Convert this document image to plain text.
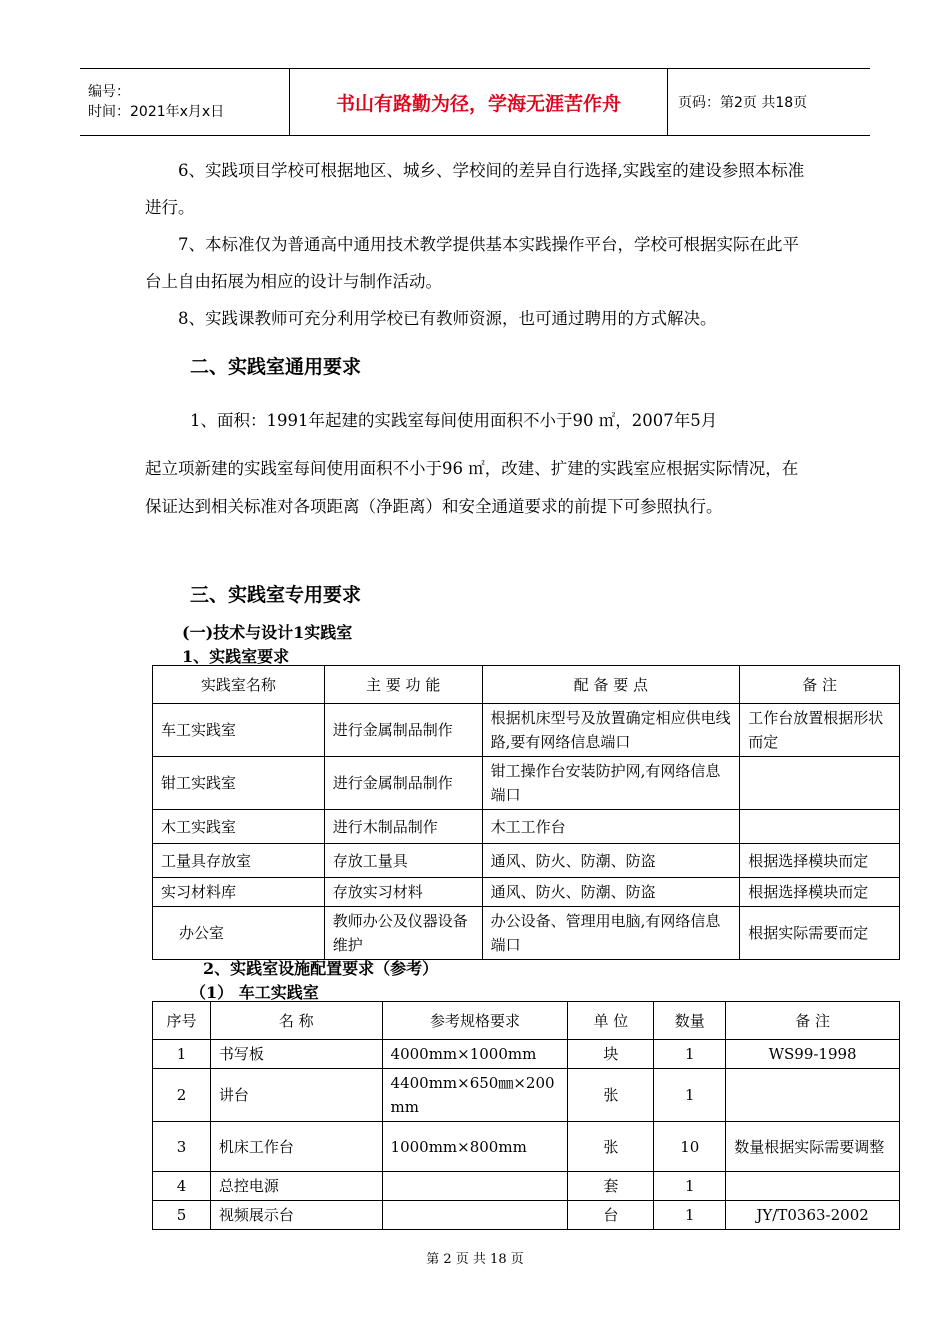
编号：
时间：2021年x月x日	书山有路勤为径，学海无涯苦作舟	页码：第2页 共18页

6、实践项目学校可根据地区、城乡、学校间的差异自行选择,实践室的建设参照本标准进行。

7、本标准仅为普通高中通用技术教学提供基本实践操作平台，学校可根据实际在此平台上自由拓展为相应的设计与制作活动。

8、实践课教师可充分利用学校已有教师资源，也可通过聘用的方式解决。

二、实践室通用要求

1、面积：1991年起建的实践室每间使用面积不小于90 ㎡，2007年5月

起立项新建的实践室每间使用面积不小于96 ㎡，改建、扩建的实践室应根据实际情况，在保证达到相关标准对各项距离（净距离）和安全通道要求的前提下可参照执行。

三、实践室专用要求

(一)技术与设计1实践室

1、实践室要求

实践室名称	主 要 功 能	配 备 要 点	备 注
车工实践室	进行金属制品制作	根据机床型号及放置确定相应供电线路,要有网络信息端口	工作台放置根据形状而定
钳工实践室	进行金属制品制作	钳工操作台安装防护网,有网络信息端口	
木工实践室	进行木制品制作	木工工作台	
工量具存放室	存放工量具	通风、防火、防潮、防盗	根据选择模块而定
实习材料库	存放实习材料	通风、防火、防潮、防盗	根据选择模块而定
办公室	教师办公及仪器设备维护	办公设备、管理用电脑,有网络信息端口	根据实际需要而定

2、实践室设施配置要求（参考）

（1） 车工实践室

序号	名 称	参考规格要求	单 位	数量	备 注
1	书写板	4000mm×1000mm	块	1	WS99-1998
2	讲台	4400mm×650㎜×200mm	张	1	
3	机床工作台	1000mm×800mm	张	10	数量根据实际需要调整
4	总控电源		套	1	
5	视频展示台		台	1	JY/T0363-2002
第 2 页 共 18 页
